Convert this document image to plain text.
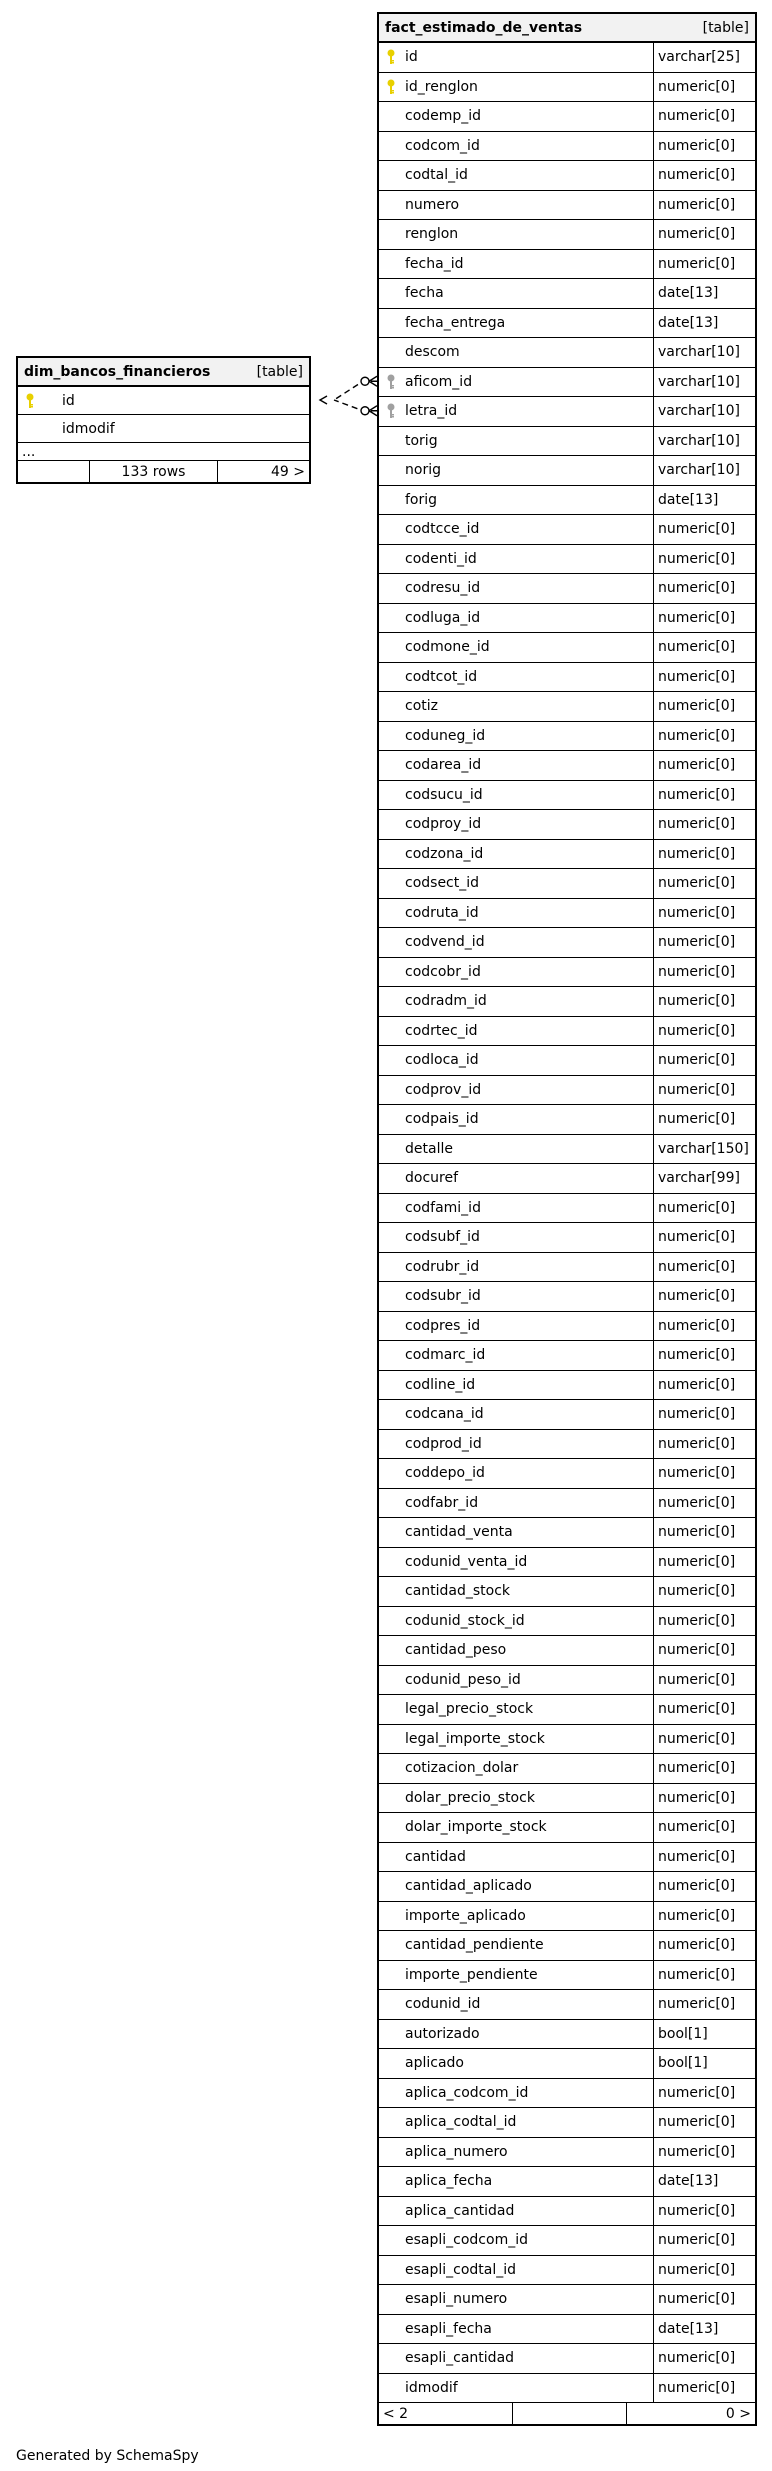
dim_bancos_financieros	[table]
id
idmodif
...
133 rows	49 >
fact_estimado_de_ventas	[table]
id	varchar[25]
id_renglon	numeric[0]
codemp_id	numeric[0]
codcom_id	numeric[0]
codtal_id	numeric[0]
numero	numeric[0]
renglon	numeric[0]
fecha_id	numeric[0]
fecha	date[13]
fecha_entrega	date[13]
descom	varchar[10]
aficom_id	varchar[10]
letra_id	varchar[10]
torig	varchar[10]
norig	varchar[10]
forig	date[13]
codtcce_id	numeric[0]
codenti_id	numeric[0]
codresu_id	numeric[0]
codluga_id	numeric[0]
codmone_id	numeric[0]
codtcot_id	numeric[0]
cotiz	numeric[0]
coduneg_id	numeric[0]
codarea_id	numeric[0]
codsucu_id	numeric[0]
codproy_id	numeric[0]
codzona_id	numeric[0]
codsect_id	numeric[0]
codruta_id	numeric[0]
codvend_id	numeric[0]
codcobr_id	numeric[0]
codradm_id	numeric[0]
codrtec_id	numeric[0]
codloca_id	numeric[0]
codprov_id	numeric[0]
codpais_id	numeric[0]
detalle	varchar[150]
docuref	varchar[99]
codfami_id	numeric[0]
codsubf_id	numeric[0]
codrubr_id	numeric[0]
codsubr_id	numeric[0]
codpres_id	numeric[0]
codmarc_id	numeric[0]
codline_id	numeric[0]
codcana_id	numeric[0]
codprod_id	numeric[0]
coddepo_id	numeric[0]
codfabr_id	numeric[0]
cantidad_venta	numeric[0]
codunid_venta_id	numeric[0]
cantidad_stock	numeric[0]
codunid_stock_id	numeric[0]
cantidad_peso	numeric[0]
codunid_peso_id	numeric[0]
legal_precio_stock	numeric[0]
legal_importe_stock	numeric[0]
cotizacion_dolar	numeric[0]
dolar_precio_stock	numeric[0]
dolar_importe_stock	numeric[0]
cantidad	numeric[0]
cantidad_aplicado	numeric[0]
importe_aplicado	numeric[0]
cantidad_pendiente	numeric[0]
importe_pendiente	numeric[0]
codunid_id	numeric[0]
autorizado	bool[1]
aplicado	bool[1]
aplica_codcom_id	numeric[0]
aplica_codtal_id	numeric[0]
aplica_numero	numeric[0]
aplica_fecha	date[13]
aplica_cantidad	numeric[0]
esapli_codcom_id	numeric[0]
esapli_codtal_id	numeric[0]
esapli_numero	numeric[0]
esapli_fecha	date[13]
esapli_cantidad	numeric[0]
idmodif	numeric[0]
< 2	0 >
Generated by SchemaSpy
